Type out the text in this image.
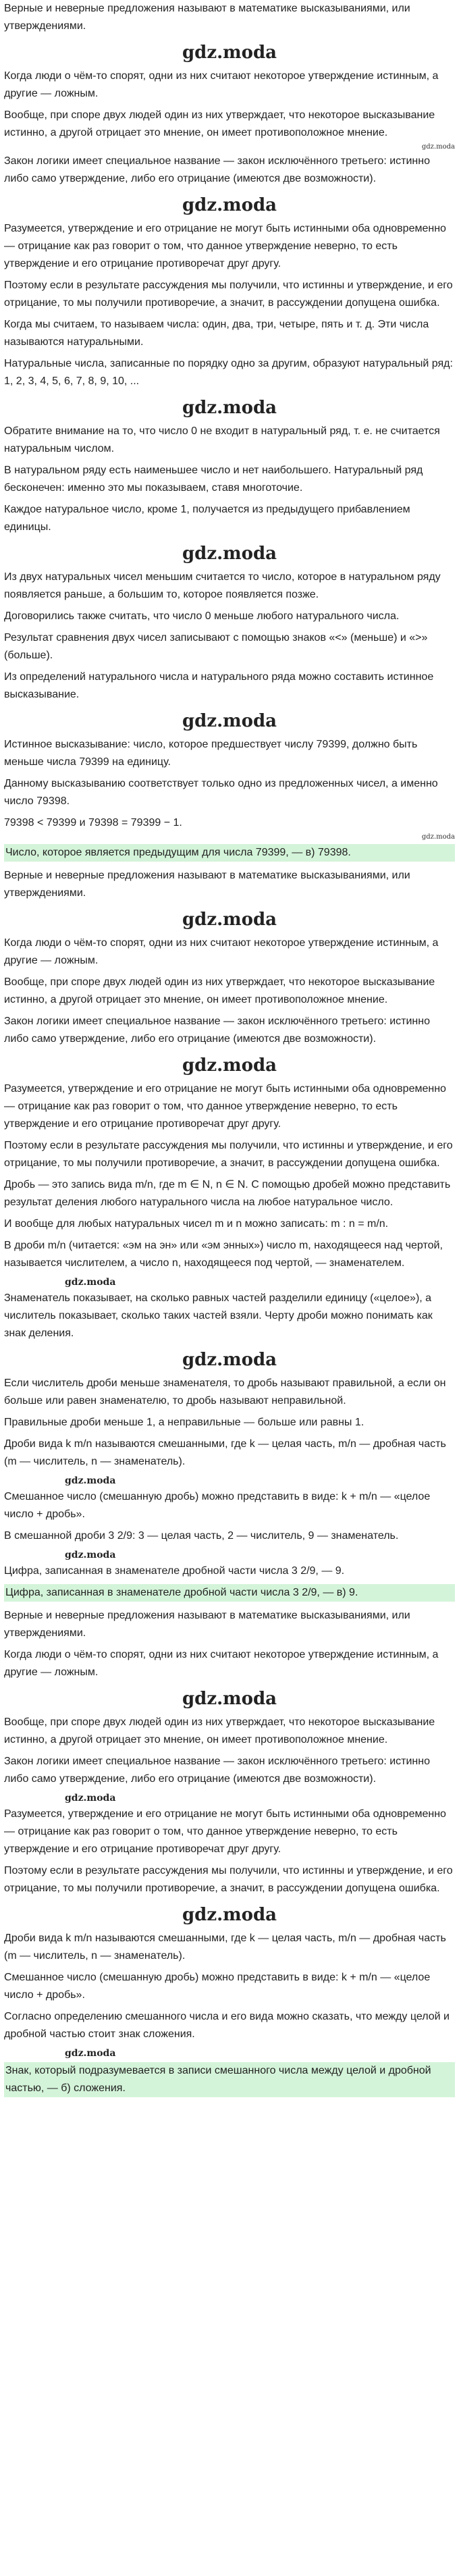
Верные и неверные предложения называют в математике высказываниями, или утверждениями.

gdz.moda

Когда люди о чём-то спорят, одни из них считают некоторое утверждение истинным, а другие — ложным.

Вообще, при споре двух людей один из них утверждает, что некоторое высказывание истинно, а другой отрицает это мнение, он имеет противоположное мнение.

gdz.moda

Закон логики имеет специальное название — закон исключённого третьего: истинно либо само утверждение, либо его отрицание (имеются две возможности).

gdz.moda

Разумеется, утверждение и его отрицание не могут быть истинными оба одновременно — отрицание как раз говорит о том, что данное утверждение неверно, то есть утверждение и его отрицание противоречат друг другу.

Поэтому если в результате рассуждения мы получили, что истинны и утверждение, и его отрицание, то мы получили противоречие, а значит, в рассуждении допущена ошибка.

Когда мы считаем, то называем числа: один, два, три, четыре, пять и т. д. Эти числа называются натуральными.

Натуральные числа, записанные по порядку одно за другим, образуют натуральный ряд: 1, 2, 3, 4, 5, 6, 7, 8, 9, 10, ...

gdz.moda

Обратите внимание на то, что число 0 не входит в натуральный ряд, т. е. не считается натуральным числом.

В натуральном ряду есть наименьшее число и нет наибольшего. Натуральный ряд бесконечен: именно это мы показываем, ставя многоточие.

Каждое натуральное число, кроме 1, получается из предыдущего прибавлением единицы.

gdz.moda

Из двух натуральных чисел меньшим считается то число, которое в натуральном ряду появляется раньше, а большим то, которое появляется позже.

Договорились также считать, что число 0 меньше любого натурального числа.

Результат сравнения двух чисел записывают с помощью знаков «<» (меньше) и «>» (больше).

Из определений натурального числа и натурального ряда можно составить истинное высказывание.

gdz.moda

Истинное высказывание: число, которое предшествует числу 79399, должно быть меньше числа 79399 на единицу.

Данному высказыванию соответствует только одно из предложенных чисел, а именно число 79398.

79398 < 79399 и 79398 = 79399 − 1.

gdz.moda

Число, которое является предыдущим для числа 79399, — в) 79398.

Верные и неверные предложения называют в математике высказываниями, или утверждениями.

gdz.moda

Когда люди о чём-то спорят, одни из них считают некоторое утверждение истинным, а другие — ложным.

Вообще, при споре двух людей один из них утверждает, что некоторое высказывание истинно, а другой отрицает это мнение, он имеет противоположное мнение.

Закон логики имеет специальное название — закон исключённого третьего: истинно либо само утверждение, либо его отрицание (имеются две возможности).

gdz.moda

Разумеется, утверждение и его отрицание не могут быть истинными оба одновременно — отрицание как раз говорит о том, что данное утверждение неверно, то есть утверждение и его отрицание противоречат друг другу.

Поэтому если в результате рассуждения мы получили, что истинны и утверждение, и его отрицание, то мы получили противоречие, а значит, в рассуждении допущена ошибка.

Дробь — это запись вида m/n, где m ∈ N, n ∈ N. С помощью дробей можно представить результат деления любого натурального числа на любое натуральное число.

И вообще для любых натуральных чисел m и n можно записать: m : n = m/n.

В дроби m/n (читается: «эм на эн» или «эм энных») число m, находящееся над чертой, называется числителем, а число n, находящееся под чертой, — знаменателем.

gdz.moda

Знаменатель показывает, на сколько равных частей разделили единицу («целое»), а числитель показывает, сколько таких частей взяли. Черту дроби можно понимать как знак деления.

gdz.moda

Если числитель дроби меньше знаменателя, то дробь называют правильной, а если он больше или равен знаменателю, то дробь называют неправильной.

Правильные дроби меньше 1, а неправильные — больше или равны 1.

Дроби вида k m/n называются смешанными, где k — целая часть, m/n — дробная часть (m — числитель, n — знаменатель).

gdz.moda

Смешанное число (смешанную дробь) можно представить в виде: k + m/n — «целое число + дробь».

В смешанной дроби 3 2/9: 3 — целая часть, 2 — числитель, 9 — знаменатель.

gdz.moda

Цифра, записанная в знаменателе дробной части числа 3 2/9, — 9.

Цифра, записанная в знаменателе дробной части числа 3 2/9, — в) 9.

Верные и неверные предложения называют в математике высказываниями, или утверждениями.

Когда люди о чём-то спорят, одни из них считают некоторое утверждение истинным, а другие — ложным.

gdz.moda

Вообще, при споре двух людей один из них утверждает, что некоторое высказывание истинно, а другой отрицает это мнение, он имеет противоположное мнение.

Закон логики имеет специальное название — закон исключённого третьего: истинно либо само утверждение, либо его отрицание (имеются две возможности).

gdz.moda

Разумеется, утверждение и его отрицание не могут быть истинными оба одновременно — отрицание как раз говорит о том, что данное утверждение неверно, то есть утверждение и его отрицание противоречат друг другу.

Поэтому если в результате рассуждения мы получили, что истинны и утверждение, и его отрицание, то мы получили противоречие, а значит, в рассуждении допущена ошибка.

gdz.moda

Дроби вида k m/n называются смешанными, где k — целая часть, m/n — дробная часть (m — числитель, n — знаменатель).

Смешанное число (смешанную дробь) можно представить в виде: k + m/n — «целое число + дробь».

Согласно определению смешанного числа и его вида можно сказать, что между целой и дробной частью стоит знак сложения.

gdz.moda

Знак, который подразумевается в записи смешанного числа между целой и дробной частью, — б) сложения.
